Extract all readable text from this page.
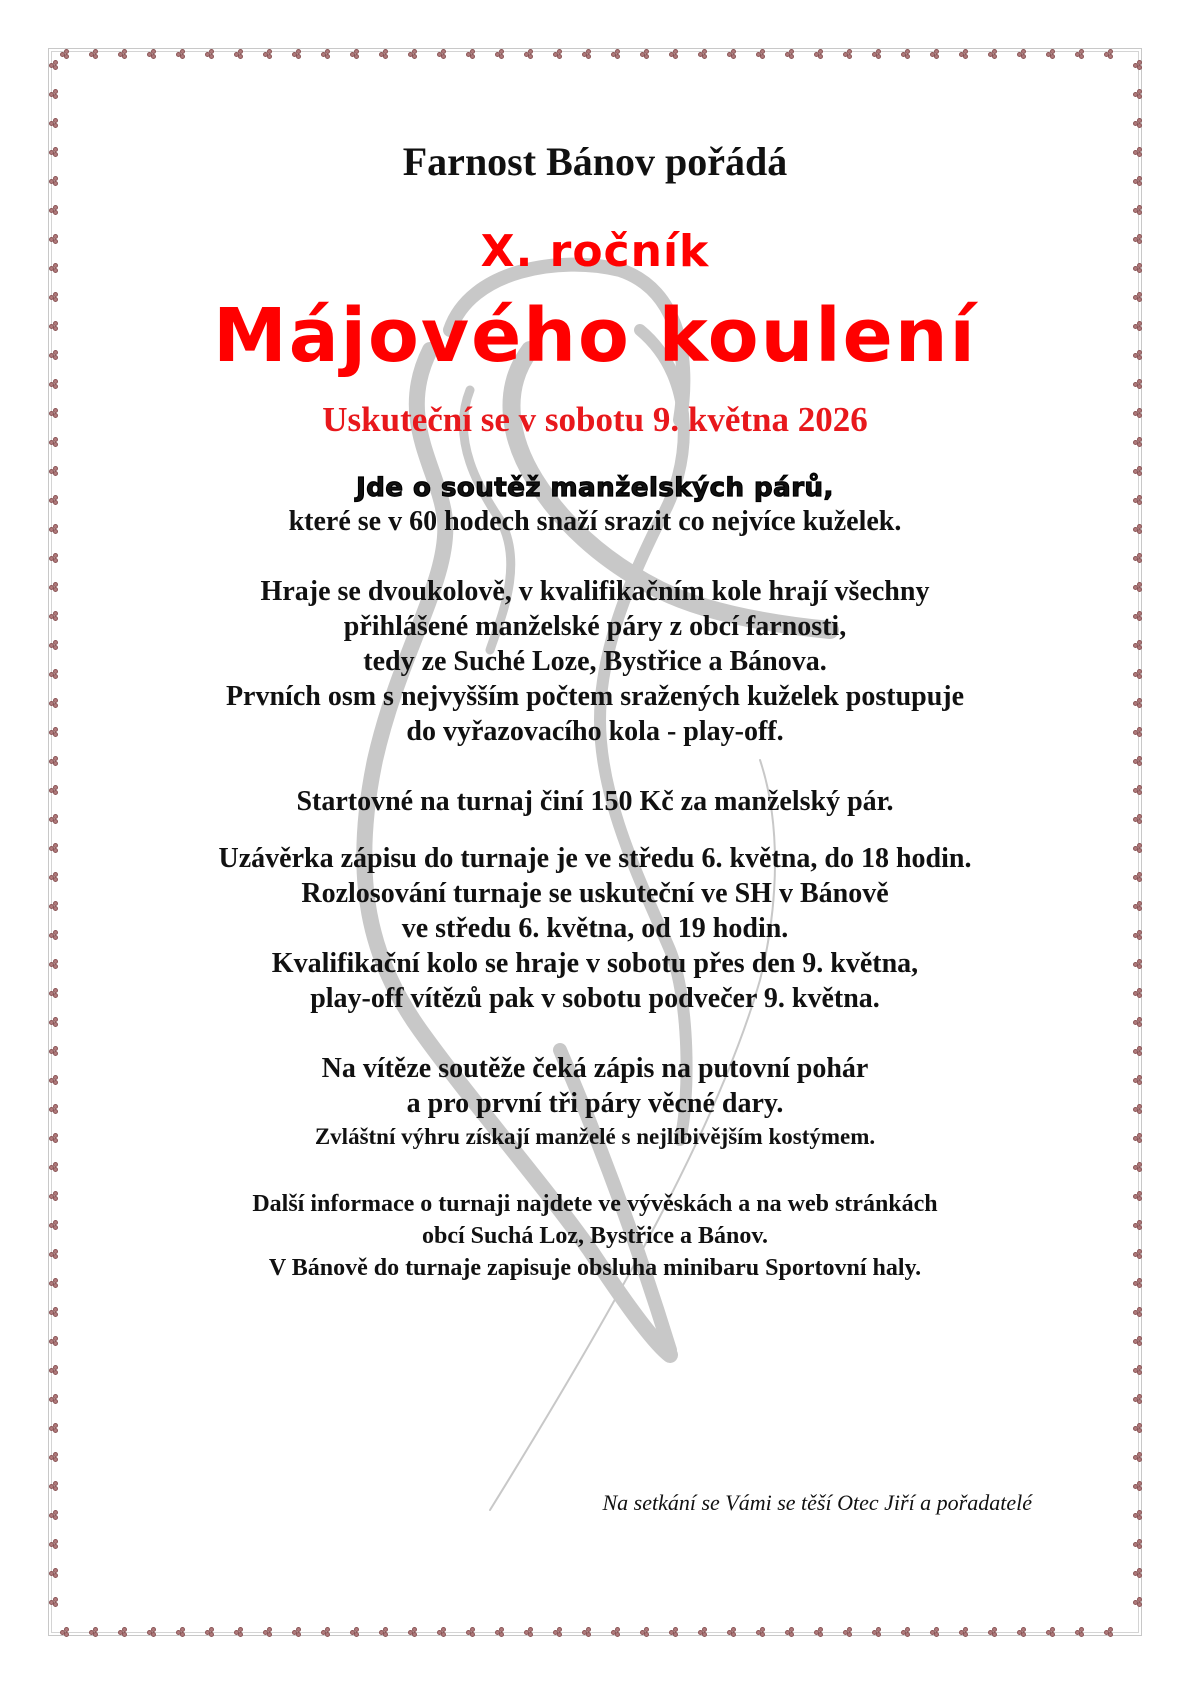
Farnost Bánov pořádá
X. ročník
Májového koulení
Uskuteční se v sobotu 9. května 2026
Jde o soutěž manželských párů,
které se v 60 hodech snaží srazit co nejvíce kuželek.
Hraje se dvoukolově, v kvalifikačním kole hrají všechny
přihlášené manželské páry z obcí farnosti,
tedy ze Suché Loze, Bystřice a Bánova.
Prvních osm s nejvyšším počtem sražených kuželek postupuje
do vyřazovacího kola - play-off.
Startovné na turnaj činí 150 Kč za manželský pár.
Uzávěrka zápisu do turnaje je ve středu 6. května, do 18 hodin.
Rozlosování turnaje se uskuteční ve SH v Bánově
ve středu 6. května, od 19 hodin.
Kvalifikační kolo se hraje v sobotu přes den 9. května,
play-off vítězů pak v sobotu podvečer 9. května.
Na vítěze soutěže čeká zápis na putovní pohár
a pro první tři páry věcné dary.
Zvláštní výhru získají manželé s nejlíbivějším kostýmem.
Další informace o turnaji najdete ve vývěskách a na web stránkách
obcí Suchá Loz, Bystřice a Bánov.
V Bánově do turnaje zapisuje obsluha minibaru Sportovní haly.
Na setkání se Vámi se těší Otec Jiří a pořadatelé
